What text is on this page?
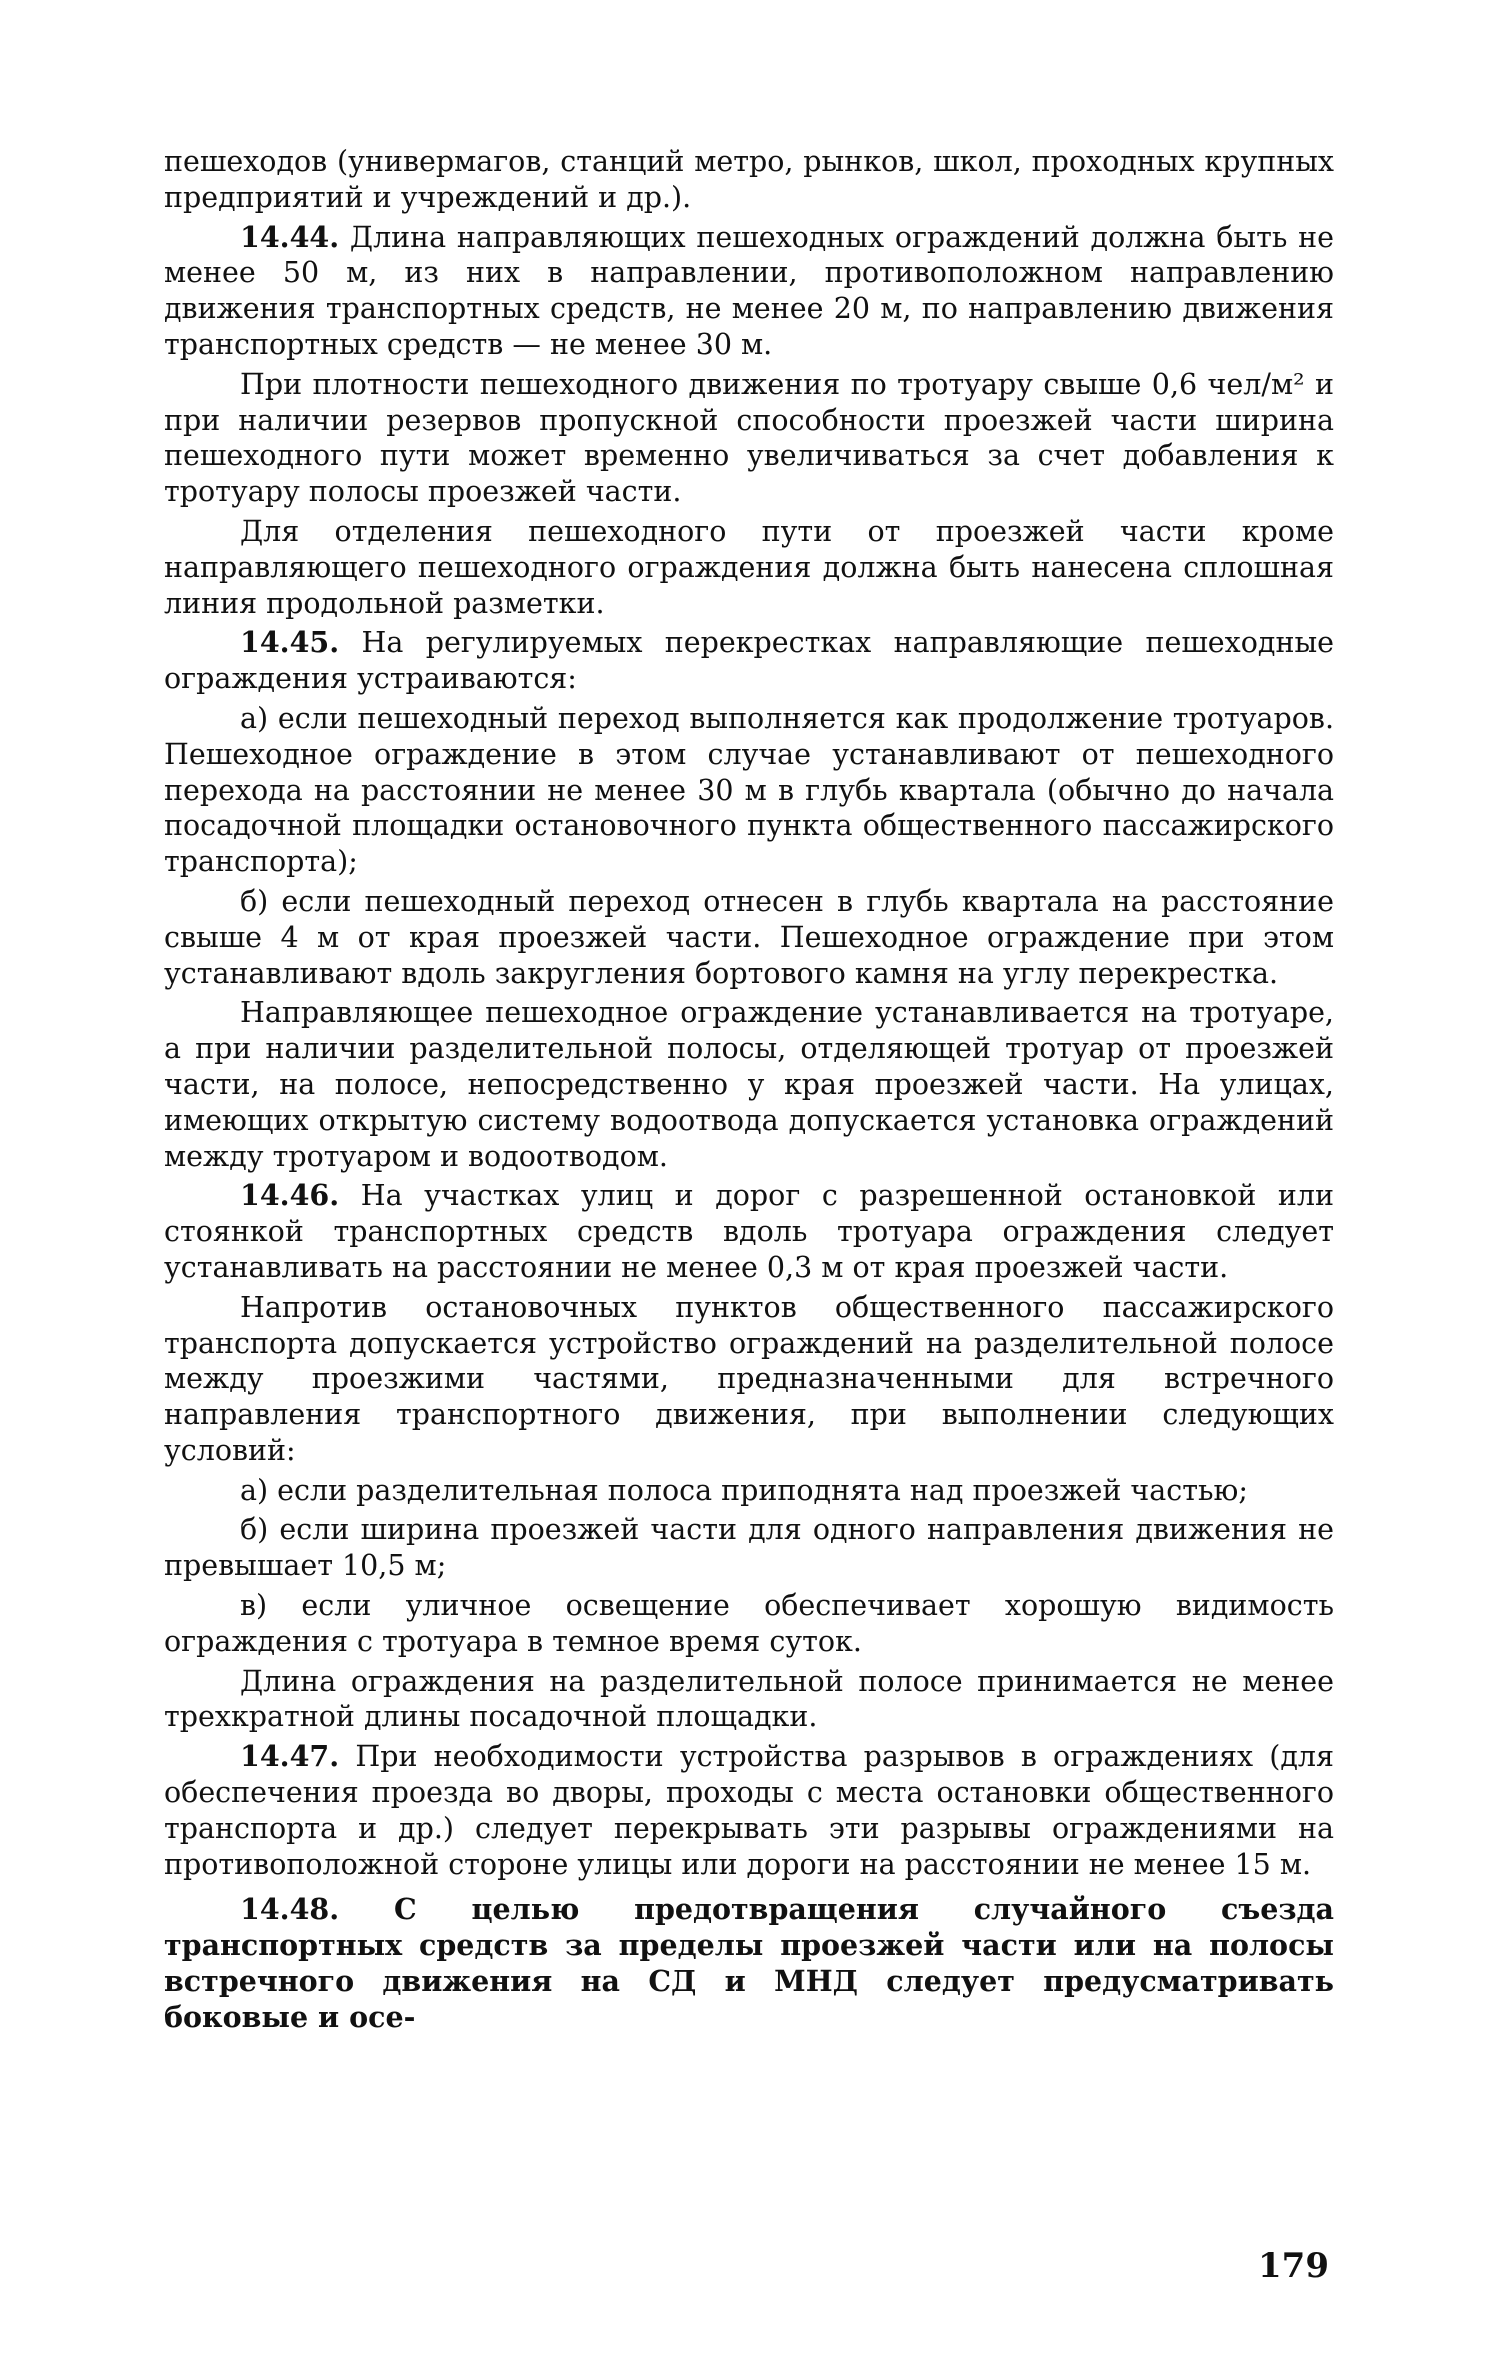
пешеходов (универмагов, станций метро, рынков, школ, проходных крупных предприятий и учреждений и др.).

14.44. Длина направляющих пешеходных ограждений должна быть не менее 50 м, из них в направлении, противоположном направлению движения транспортных средств, не менее 20 м, по направлению движения транспортных средств — не менее 30 м.

При плотности пешеходного движения по тротуару свыше 0,6 чел/м² и при наличии резервов пропускной способности проезжей части ширина пешеходного пути может временно увеличиваться за счет добавления к тротуару полосы проезжей части.

Для отделения пешеходного пути от проезжей части кроме направляющего пешеходного ограждения должна быть нанесена сплошная линия продольной разметки.

14.45. На регулируемых перекрестках направляющие пешеходные ограждения устраиваются:

а) если пешеходный переход выполняется как продолжение тротуаров. Пешеходное ограждение в этом случае устанавливают от пешеходного перехода на расстоянии не менее 30 м в глубь квартала (обычно до начала посадочной площадки остановочного пункта общественного пассажирского транспорта);

б) если пешеходный переход отнесен в глубь квартала на расстояние свыше 4 м от края проезжей части. Пешеходное ограждение при этом устанавливают вдоль закругления бортового камня на углу перекрестка.

Направляющее пешеходное ограждение устанавливается на тротуаре, а при наличии разделительной полосы, отделяющей тротуар от проезжей части, на полосе, непосредственно у края проезжей части. На улицах, имеющих открытую систему водоотвода допускается установка ограждений между тротуаром и водоотводом.

14.46. На участках улиц и дорог с разрешенной остановкой или стоянкой транспортных средств вдоль тротуара ограждения следует устанавливать на расстоянии не менее 0,3 м от края проезжей части.

Напротив остановочных пунктов общественного пассажирского транспорта допускается устройство ограждений на разделительной полосе между проезжими частями, предназначенными для встречного направления транспортного движения, при выполнении следующих условий:

а) если разделительная полоса приподнята над проезжей частью;

б) если ширина проезжей части для одного направления движения не превышает 10,5 м;

в) если уличное освещение обеспечивает хорошую видимость ограждения с тротуара в темное время суток.

Длина ограждения на разделительной полосе принимается не менее трехкратной длины посадочной площадки.

14.47. При необходимости устройства разрывов в ограждениях (для обеспечения проезда во дворы, проходы с места остановки общественного транспорта и др.) следует перекрывать эти разрывы ограждениями на противоположной стороне улицы или дороги на расстоянии не менее 15 м.

14.48. С целью предотвращения случайного съезда транспортных средств за пределы проезжей части или на полосы встречного движения на СД и МНД следует предусматривать боковые и осе-

179
